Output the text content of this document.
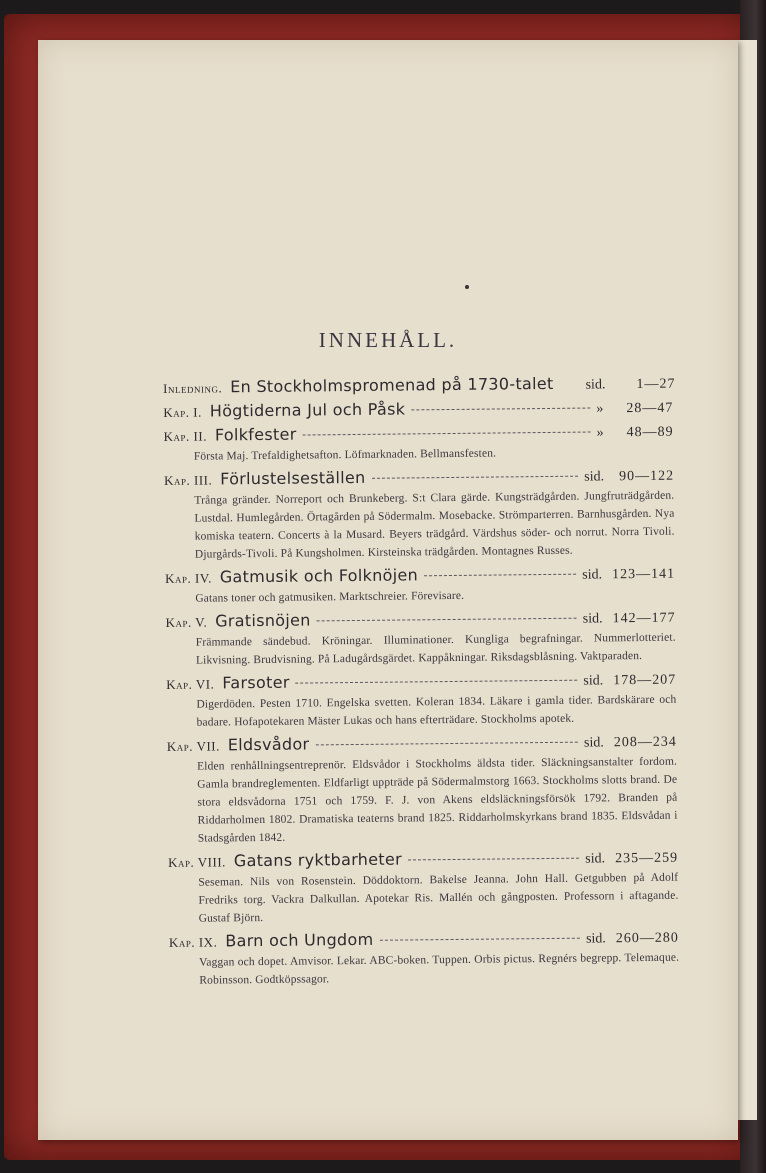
INNEHÅLL.
Inledning. En Stockholmspromenad på 1730-talet sid.	1—27
Kap. I. Högtiderna Jul och Påsk	»	28—47
Kap. II. Folkfester	»	48—89
Första Maj. Trefaldighetsafton. Löfmarknaden. Bellmansfesten.
Kap. III. Förlustelseställen	sid.	90—122
Trånga gränder. Norreport och Brunkeberg. S:t Clara gärde. Kungsträdgården. Jungfruträdgården. Lustdal. Humlegården. Örtagården på Södermalm. Mosebacke. Strömparterren. Barnhusgården. Nya komiska teatern. Concerts à la Musard. Beyers trädgård. Värdshus söder- och norrut. Norra Tivoli. Djurgårds-Tivoli. På Kungsholmen. Kirsteinska trädgården. Montagnes Russes.
Kap. IV. Gatmusik och Folknöjen	sid. 123—141
Gatans toner och gatmusiken. Marktschreier. Förevisare.
Kap. V. Gratisnöjen	sid. 142—177
Främmande sändebud. Kröningar. Illuminationer. Kungliga begrafningar. Nummerlotteriet. Likvisning. Brudvisning. På Ladugårdsgärdet. Kappåkningar. Riksdagsblåsning. Vaktparaden.
Kap. VI. Farsoter	sid. 178—207
Digerdöden. Pesten 1710. Engelska svetten. Koleran 1834. Läkare i gamla tider. Bardskärare och badare. Hofapotekaren Mäster Lukas och hans efterträdare. Stockholms apotek.
Kap. VII. Eldsvådor	sid. 208—234
Elden renhållningsentreprenör. Eldsvådor i Stockholms äldsta tider. Släckningsanstalter fordom. Gamla brandreglementen. Eldfarligt uppträde på Södermalmstorg 1663. Stockholms slotts brand. De stora eldsvådorna 1751 och 1759. F. J. von Akens eldsläckningsförsök 1792. Branden på Riddarholmen 1802. Dramatiska teaterns brand 1825. Riddarholmskyrkans brand 1835. Eldsvådan i Stadsgården 1842.
Kap. VIII. Gatans ryktbarheter	sid. 235—259
Seseman. Nils von Rosenstein. Döddoktorn. Bakelse Jeanna. John Hall. Getgubben på Adolf Fredriks torg. Vackra Dalkullan. Apotekar Ris. Mallén och gångposten. Professorn i aftagande. Gustaf Björn.
Kap. IX. Barn och Ungdom	sid. 260—280
Vaggan och dopet. Amvisor. Lekar. ABC-boken. Tuppen. Orbis pictus. Regnérs begrepp. Telemaque. Robinsson. Godtköpssagor.
